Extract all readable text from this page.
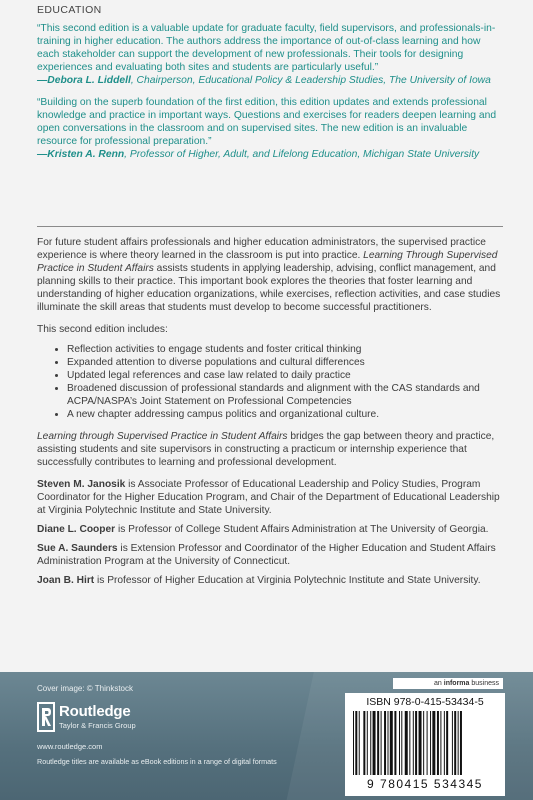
EDUCATION

“This second edition is a valuable update for graduate faculty, field supervisors, and professionals-in-training in higher education. The authors address the importance of out-of-class learning and how each stakeholder can support the development of new professionals. Their tools for designing experiences and evaluating both sites and students are particularly useful.”

—Debora L. Liddell, Chairperson, Educational Policy & Leadership Studies, The University of Iowa

“Building on the superb foundation of the first edition, this edition updates and extends professional knowledge and practice in important ways. Questions and exercises for readers deepen learning and open conversations in the classroom and on supervised sites. The new edition is an invaluable resource for professional preparation.”

—Kristen A. Renn, Professor of Higher, Adult, and Lifelong Education, Michigan State University

For future student affairs professionals and higher education administrators, the supervised practice experience is where theory learned in the classroom is put into practice. Learning Through Supervised Practice in Student Affairs assists students in applying leadership, advising, conflict management, and planning skills to their practice. This important book explores the theories that foster learning and understanding of higher education organizations, while exercises, reflection activities, and case studies illuminate the skill areas that students must develop to become successful practitioners.

This second edition includes:

• Reflection activities to engage students and foster critical thinking
• Expanded attention to diverse populations and cultural differences
• Updated legal references and case law related to daily practice
• Broadened discussion of professional standards and alignment with the CAS standards and ACPA/NASPA’s Joint Statement on Professional Competencies
• A new chapter addressing campus politics and organizational culture.

Learning through Supervised Practice in Student Affairs bridges the gap between theory and practice, assisting students and site supervisors in constructing a practicum or internship experience that successfully contributes to learning and professional development.

Steven M. Janosik is Associate Professor of Educational Leadership and Policy Studies, Program Coordinator for the Higher Education Program, and Chair of the Department of Educational Leadership at Virginia Polytechnic Institute and State University.

Diane L. Cooper is Professor of College Student Affairs Administration at The University of Georgia.

Sue A. Saunders is Extension Professor and Coordinator of the Higher Education and Student Affairs Administration Program at the University of Connecticut.

Joan B. Hirt is Professor of Higher Education at Virginia Polytechnic Institute and State University.

Cover image: © Thinkstock
Routledge
Taylor & Francis Group
www.routledge.com
Routledge titles are available as eBook editions in a range of digital formats
an informa business
ISBN 978-0-415-53434-5
9 780415 534345
